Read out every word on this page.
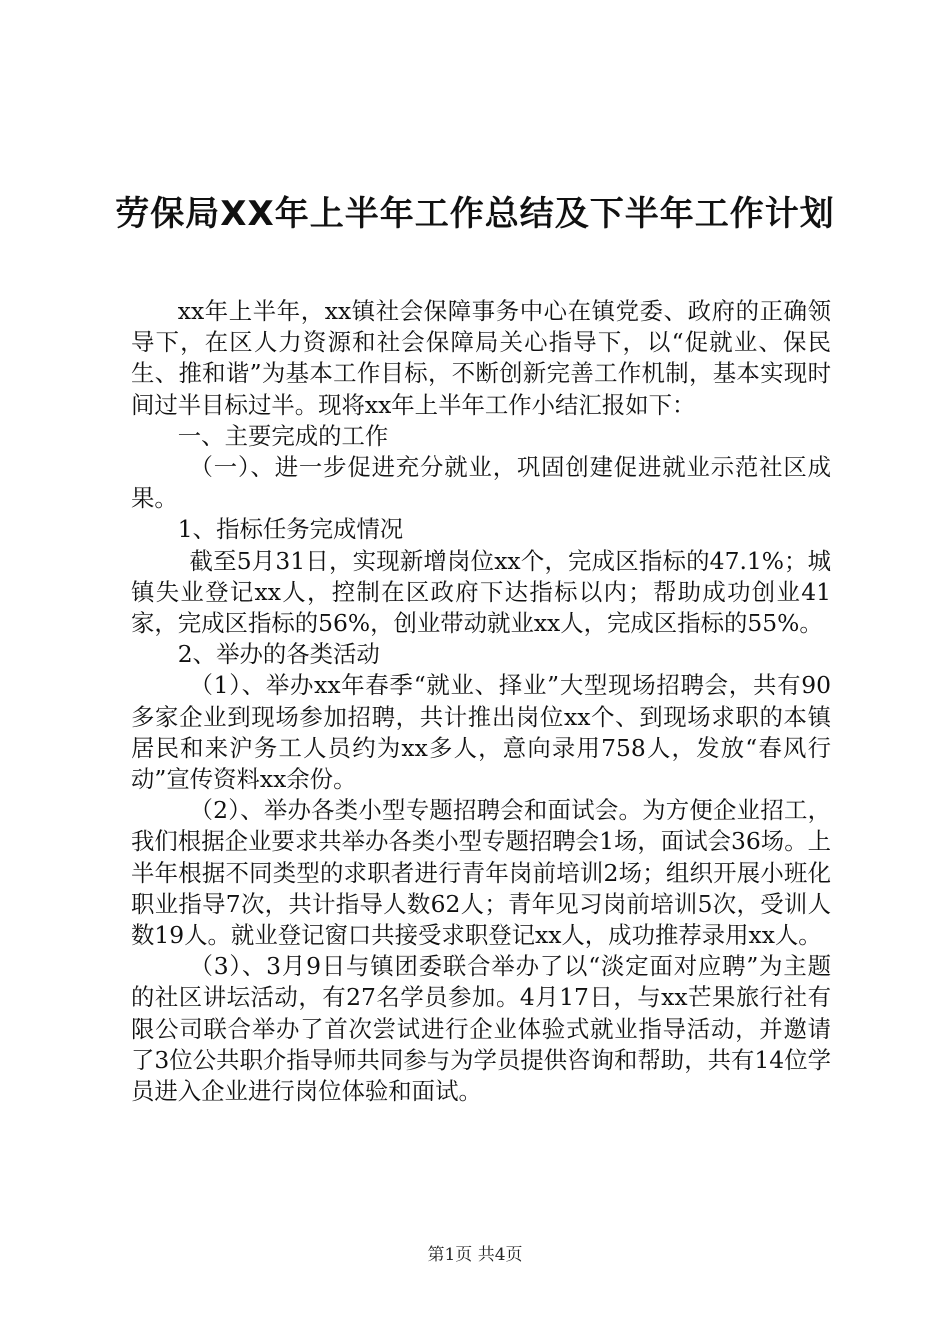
劳保局XX年上半年工作总结及下半年工作计划

xx年上半年，xx镇社会保障事务中心在镇党委、政府的正确领导下，在区人力资源和社会保障局关心指导下，以“促就业、保民生、推和谐”为基本工作目标，不断创新完善工作机制，基本实现时间过半目标过半。现将xx年上半年工作小结汇报如下：

一、主要完成的工作

（一）、进一步促进充分就业，巩固创建促进就业示范社区成果。

1、指标任务完成情况

截至5月31日，实现新增岗位xx个，完成区指标的47.1%；城镇失业登记xx人，控制在区政府下达指标以内；帮助成功创业41家，完成区指标的56%，创业带动就业xx人，完成区指标的55%。

2、举办的各类活动

（1）、举办xx年春季“就业、择业”大型现场招聘会，共有90多家企业到现场参加招聘，共计推出岗位xx个、到现场求职的本镇居民和来沪务工人员约为xx多人，意向录用758人，发放“春风行动”宣传资料xx余份。

（2）、举办各类小型专题招聘会和面试会。为方便企业招工，我们根据企业要求共举办各类小型专题招聘会1场，面试会36场。上半年根据不同类型的求职者进行青年岗前培训2场；组织开展小班化职业指导7次，共计指导人数62人；青年见习岗前培训5次，受训人数19人。就业登记窗口共接受求职登记xx人，成功推荐录用xx人。

（3）、3月9日与镇团委联合举办了以“淡定面对应聘”为主题的社区讲坛活动，有27名学员参加。4月17日，与xx芒果旅行社有限公司联合举办了首次尝试进行企业体验式就业指导活动，并邀请了3位公共职介指导师共同参与为学员提供咨询和帮助，共有14位学员进入企业进行岗位体验和面试。

第1页 共4页
